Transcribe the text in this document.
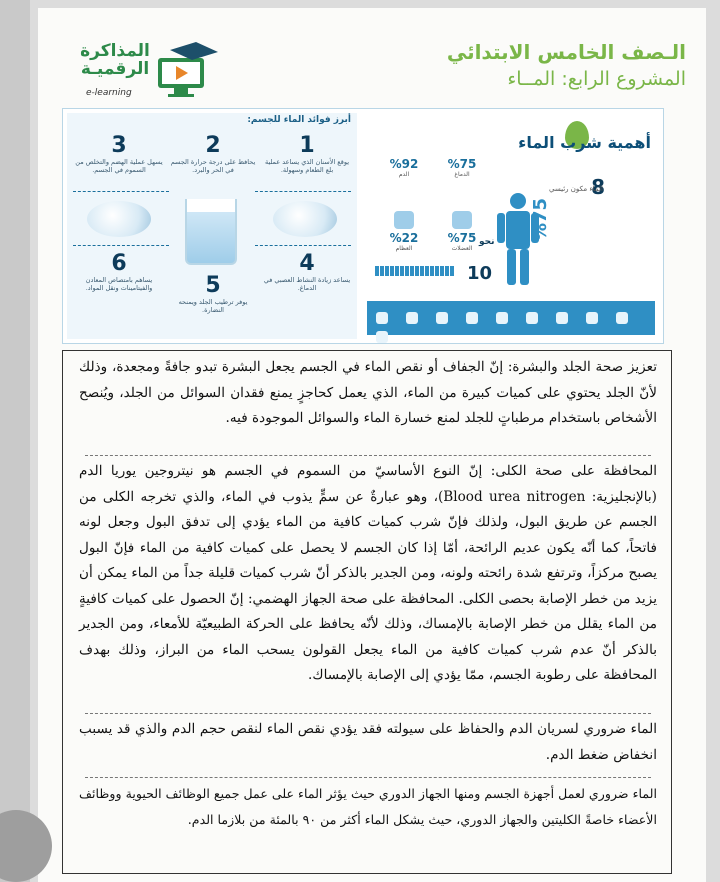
الـصف الخامس الابتدائي
المشروع الرابع: المــاء
المذاكرة
الرقميـة
e-learning
أبرز فوائد الماء للجسم:
1
يوقع الأسنان الذي يساعد عملية بلع الطعام وسهولة.
2
يحافظ على درجة حرارة الجسم في الحر والبرد.
3
يسهل عملية الهضم والتخلص من السموم في الجسم.
4
يساعد زيادة النشاط العصبي في الدماغ.
5
يوفر ترطيب الجلد ويمنحه النضارة.
6
يساهم بامتصاص المعادن والفيتامينات ونقل المواد.
أهمية شرب الماء
8
%92
الدم
%75
الدماغ
%22
العظام
%75
العضلات
%75
الماء مكون رئيسي
نحو
10
تعزيز صحة الجلد والبشرة: إنّ الجفاف أو نقص الماء في الجسم يجعل البشرة تبدو جافةً ومجعدة، وذلك لأنّ الجلد يحتوي على كميات كبيرة من الماء، الذي يعمل كحاجزٍ يمنع فقدان السوائل من الجلد، ويُنصح الأشخاص باستخدام مرطباتٍ للجلد لمنع خسارة الماء والسوائل الموجودة فيه.
المحافظة على صحة الكلى: إنّ النوع الأساسيّ من السموم في الجسم هو نيتروجين يوريا الدم (بالإنجليزية: Blood urea nitrogen)، وهو عبارةٌ عن سمٍّ يذوب في الماء، والذي تخرجه الكلى من الجسم عن طريق البول، ولذلك فإنّ شرب كميات كافية من الماء يؤدي إلى تدفق البول وجعل لونه فاتحاً، كما أنّه يكون عديم الرائحة، أمّا إذا كان الجسم لا يحصل على كميات كافية من الماء فإنّ البول يصبح مركزاً، وترتفع شدة رائحته ولونه، ومن الجدير بالذكر أنّ شرب كميات قليلة جداً من الماء يمكن أن يزيد من خطر الإصابة بحصى الكلى. المحافظة على صحة الجهاز الهضمي: إنّ الحصول على كميات كافيةٍ من الماء يقلل من خطر الإصابة بالإمساك، وذلك لأنّه يحافظ على الحركة الطبيعيّة للأمعاء، ومن الجدير بالذكر أنّ عدم شرب كميات كافية من الماء يجعل القولون يسحب الماء من البراز، وذلك بهدف المحافظة على رطوبة الجسم، ممّا يؤدي إلى الإصابة بالإمساك.
الماء ضروري لسريان الدم والحفاظ على سيولته فقد يؤدي نقص الماء لنقص حجم الدم والذي قد يسبب انخفاض ضغط الدم.
الماء ضروري لعمل أجهزة الجسم ومنها الجهاز الدوري حيث يؤثر الماء على عمل جميع الوظائف الحيوية ووظائف الأعضاء خاصةً الكليتين والجهاز الدوري، حيث يشكل الماء أكثر من ٩٠ بالمئة من بلازما الدم.
